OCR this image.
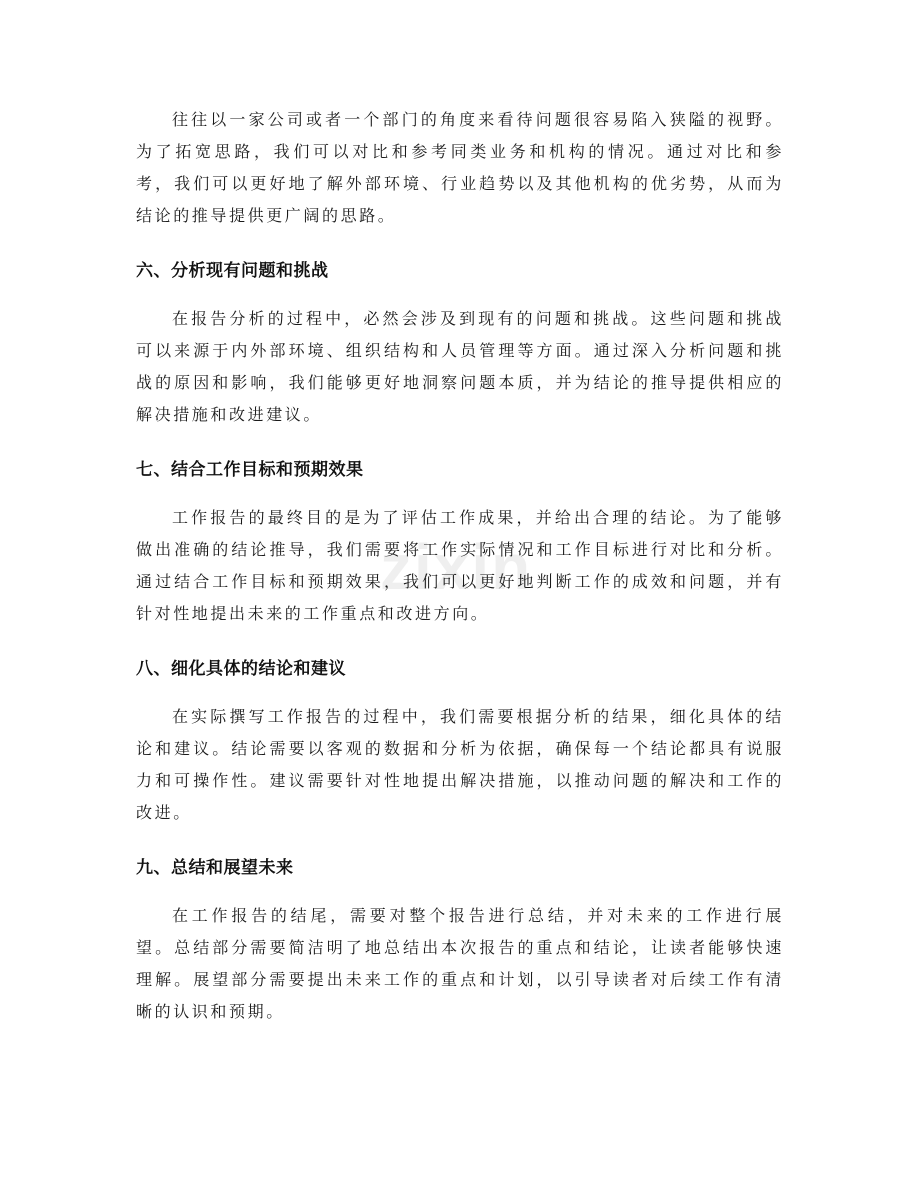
往往以一家公司或者一个部门的角度来看待问题很容易陷入狭隘的视野。为了拓宽思路，我们可以对比和参考同类业务和机构的情况。通过对比和参考，我们可以更好地了解外部环境、行业趋势以及其他机构的优劣势，从而为结论的推导提供更广阔的思路。

六、分析现有问题和挑战

在报告分析的过程中，必然会涉及到现有的问题和挑战。这些问题和挑战可以来源于内外部环境、组织结构和人员管理等方面。通过深入分析问题和挑战的原因和影响，我们能够更好地洞察问题本质，并为结论的推导提供相应的解决措施和改进建议。

七、结合工作目标和预期效果

工作报告的最终目的是为了评估工作成果，并给出合理的结论。为了能够做出准确的结论推导，我们需要将工作实际情况和工作目标进行对比和分析。通过结合工作目标和预期效果，我们可以更好地判断工作的成效和问题，并有针对性地提出未来的工作重点和改进方向。

八、细化具体的结论和建议

在实际撰写工作报告的过程中，我们需要根据分析的结果，细化具体的结论和建议。结论需要以客观的数据和分析为依据，确保每一个结论都具有说服力和可操作性。建议需要针对性地提出解决措施，以推动问题的解决和工作的改进。

九、总结和展望未来

在工作报告的结尾，需要对整个报告进行总结，并对未来的工作进行展望。总结部分需要简洁明了地总结出本次报告的重点和结论，让读者能够快速理解。展望部分需要提出未来工作的重点和计划，以引导读者对后续工作有清晰的认识和预期。

zixin
